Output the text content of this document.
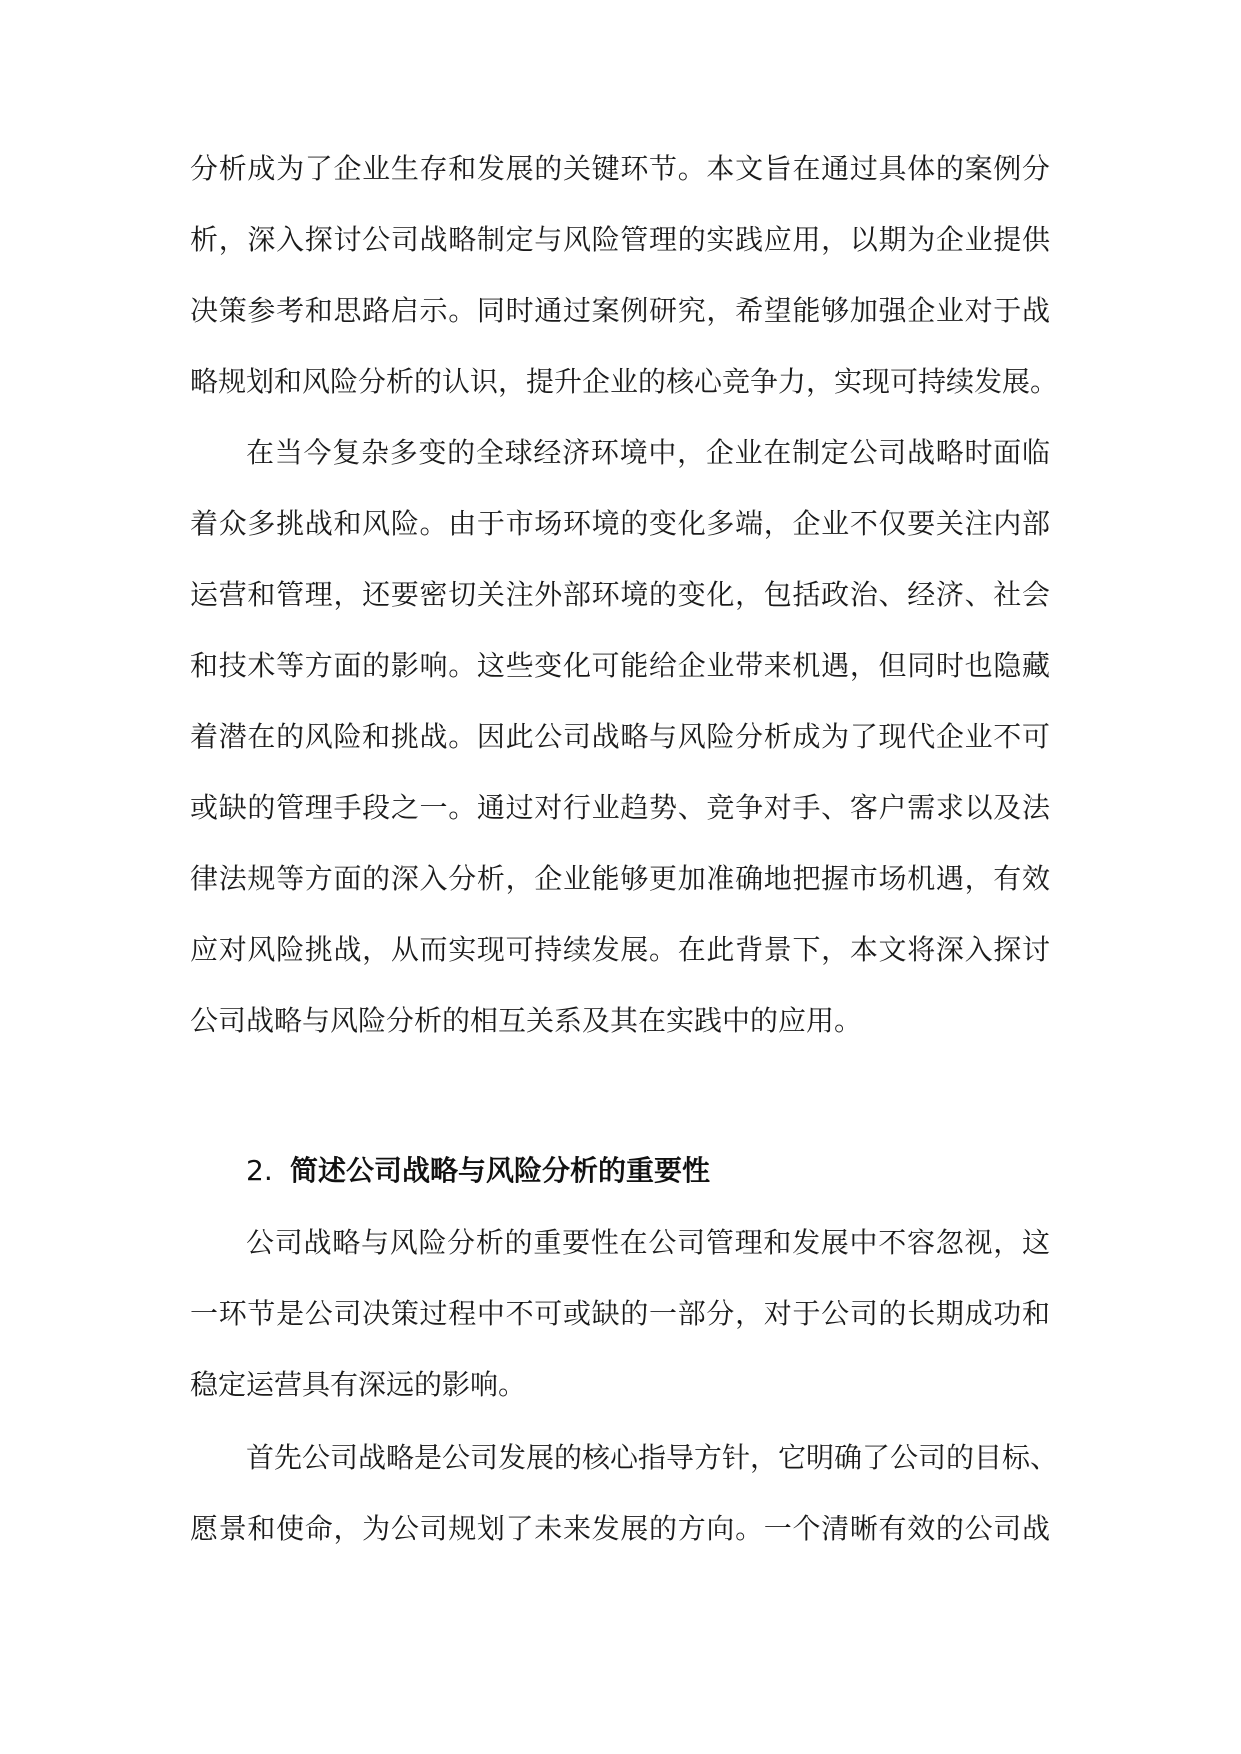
分析成为了企业生存和发展的关键环节。本文旨在通过具体的案例分
析，深入探讨公司战略制定与风险管理的实践应用，以期为企业提供
决策参考和思路启示。同时通过案例研究，希望能够加强企业对于战
略规划和风险分析的认识，提升企业的核心竞争力，实现可持续发展。
在当今复杂多变的全球经济环境中，企业在制定公司战略时面临
着众多挑战和风险。由于市场环境的变化多端，企业不仅要关注内部
运营和管理，还要密切关注外部环境的变化，包括政治、经济、社会
和技术等方面的影响。这些变化可能给企业带来机遇，但同时也隐藏
着潜在的风险和挑战。因此公司战略与风险分析成为了现代企业不可
或缺的管理手段之一。通过对行业趋势、竞争对手、客户需求以及法
律法规等方面的深入分析，企业能够更加准确地把握市场机遇，有效
应对风险挑战，从而实现可持续发展。在此背景下，本文将深入探讨
公司战略与风险分析的相互关系及其在实践中的应用。
2. 简述公司战略与风险分析的重要性
公司战略与风险分析的重要性在公司管理和发展中不容忽视，这
一环节是公司决策过程中不可或缺的一部分，对于公司的长期成功和
稳定运营具有深远的影响。
首先公司战略是公司发展的核心指导方针，它明确了公司的目标、
愿景和使命，为公司规划了未来发展的方向。一个清晰有效的公司战
